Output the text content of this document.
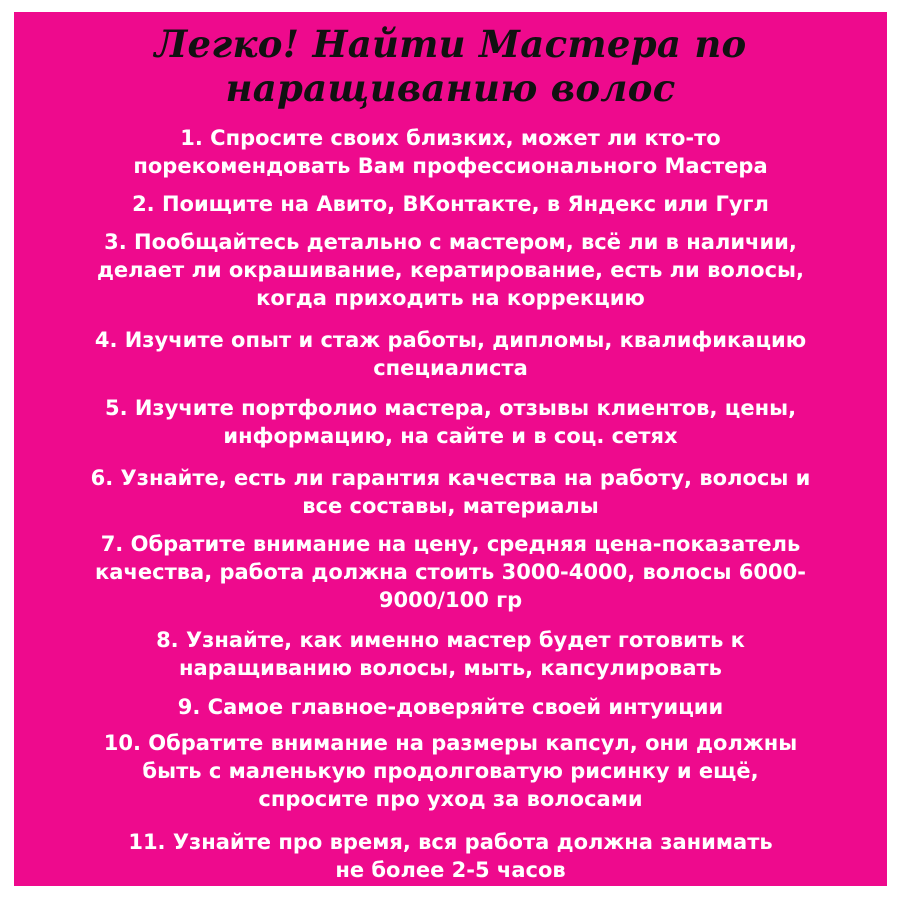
Легко! Найти Мастера по
наращиванию волос
1. Спросите своих близких, может ли кто-то
порекомендовать Вам профессионального Мастера
2. Поищите на Авито, ВКонтакте, в Яндекс или Гугл
3. Пообщайтесь детально с мастером, всё ли в наличии,
делает ли окрашивание, кератирование, есть ли волосы,
когда приходить на коррекцию
4. Изучите опыт и стаж работы, дипломы, квалификацию
специалиста
5. Изучите портфолио мастера, отзывы клиентов, цены,
информацию, на сайте и в соц. сетях
6. Узнайте, есть ли гарантия качества на работу, волосы и
все составы, материалы
7. Обратите внимание на цену, средняя цена-показатель
качества, работа должна стоить 3000-4000, волосы 6000-
9000/100 гр
8. Узнайте, как именно мастер будет готовить к
наращиванию волосы, мыть, капсулировать
9. Самое главное-доверяйте своей интуиции
10. Обратите внимание на размеры капсул, они должны
быть с маленькую продолговатую рисинку и ещё,
спросите про уход за волосами
11. Узнайте про время, вся работа должна занимать
не более 2-5 часов
